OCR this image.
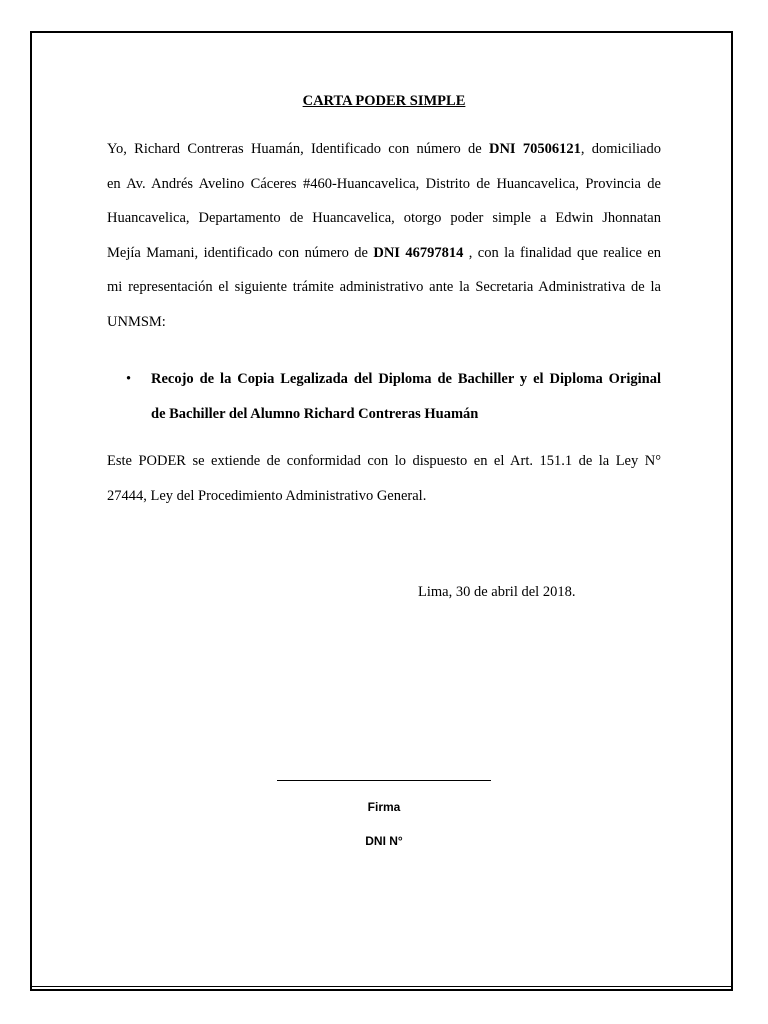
CARTA PODER SIMPLE
Yo, Richard Contreras Huamán, Identificado con número de DNI 70506121, domiciliado
en Av. Andrés Avelino Cáceres #460-Huancavelica, Distrito de Huancavelica, Provincia de
Huancavelica, Departamento de Huancavelica, otorgo poder simple a Edwin Jhonnatan
Mejía Mamani, identificado con número de DNI 46797814 , con la finalidad que realice en
mi representación el siguiente trámite administrativo ante la Secretaria Administrativa de la
UNMSM:
• Recojo de la Copia Legalizada del Diploma de Bachiller y el Diploma Original
de Bachiller del Alumno Richard Contreras Huamán
Este PODER se extiende de conformidad con lo dispuesto en el Art. 151.1 de la Ley N°
27444, Ley del Procedimiento Administrativo General.
Lima, 30 de abril del 2018.
Firma
DNI N°
